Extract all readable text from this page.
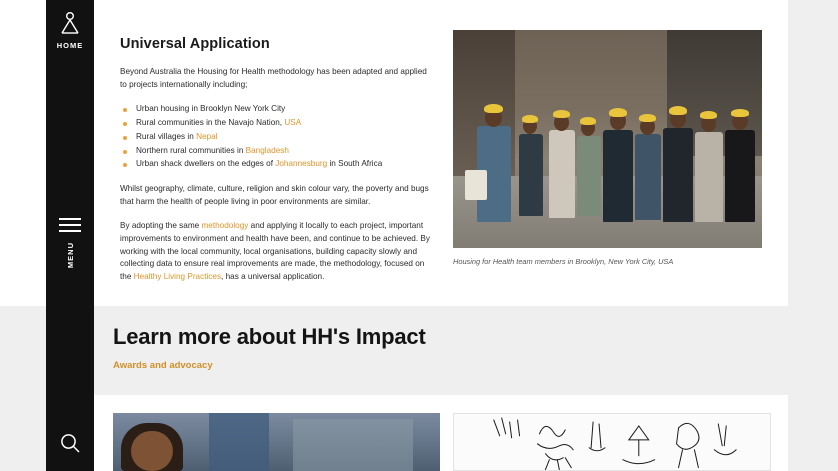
HOME
MENU
Universal Application

Beyond Australia the Housing for Health methodology has been adapted and applied to projects internationally including;

Urban housing in Brooklyn New York City
Rural communities in the Navajo Nation, USA
Rural villages in Nepal
Northern rural communities in Bangladesh
Urban shack dwellers on the edges of Johannesburg in South Africa

Whilst geography, climate, culture, religion and skin colour vary, the poverty and bugs that harm the health of people living in poor environments are similar.

By adopting the same methodology and applying it locally to each project, important improvements to environment and health have been, and continue to be achieved. By working with the local community, local organisations, building capacity slowly and collecting data to ensure real improvements are made, the methodology, focused on the Healthy Living Practices, has a universal application.

Housing for Health team members in Brooklyn, New York City, USA
Learn more about HH's Impact
Awards and advocacy
